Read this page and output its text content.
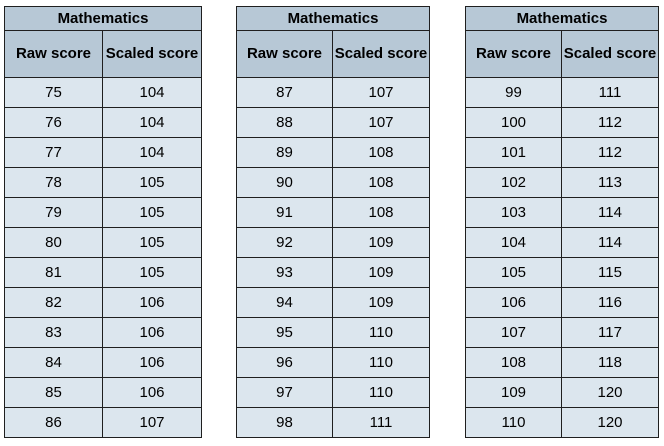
Mathematics	
Raw score	Scaled score
75	104
76	104
77	104
78	105
79	105
80	105
81	105
82	106
83	106
84	106
85	106
86	107
Mathematics	
Raw score	Scaled score
87	107
88	107
89	108
90	108
91	108
92	109
93	109
94	109
95	110
96	110
97	110
98	111
Mathematics	
Raw score	Scaled score
99	111
100	112
101	112
102	113
103	114
104	114
105	115
106	116
107	117
108	118
109	120
110	120
